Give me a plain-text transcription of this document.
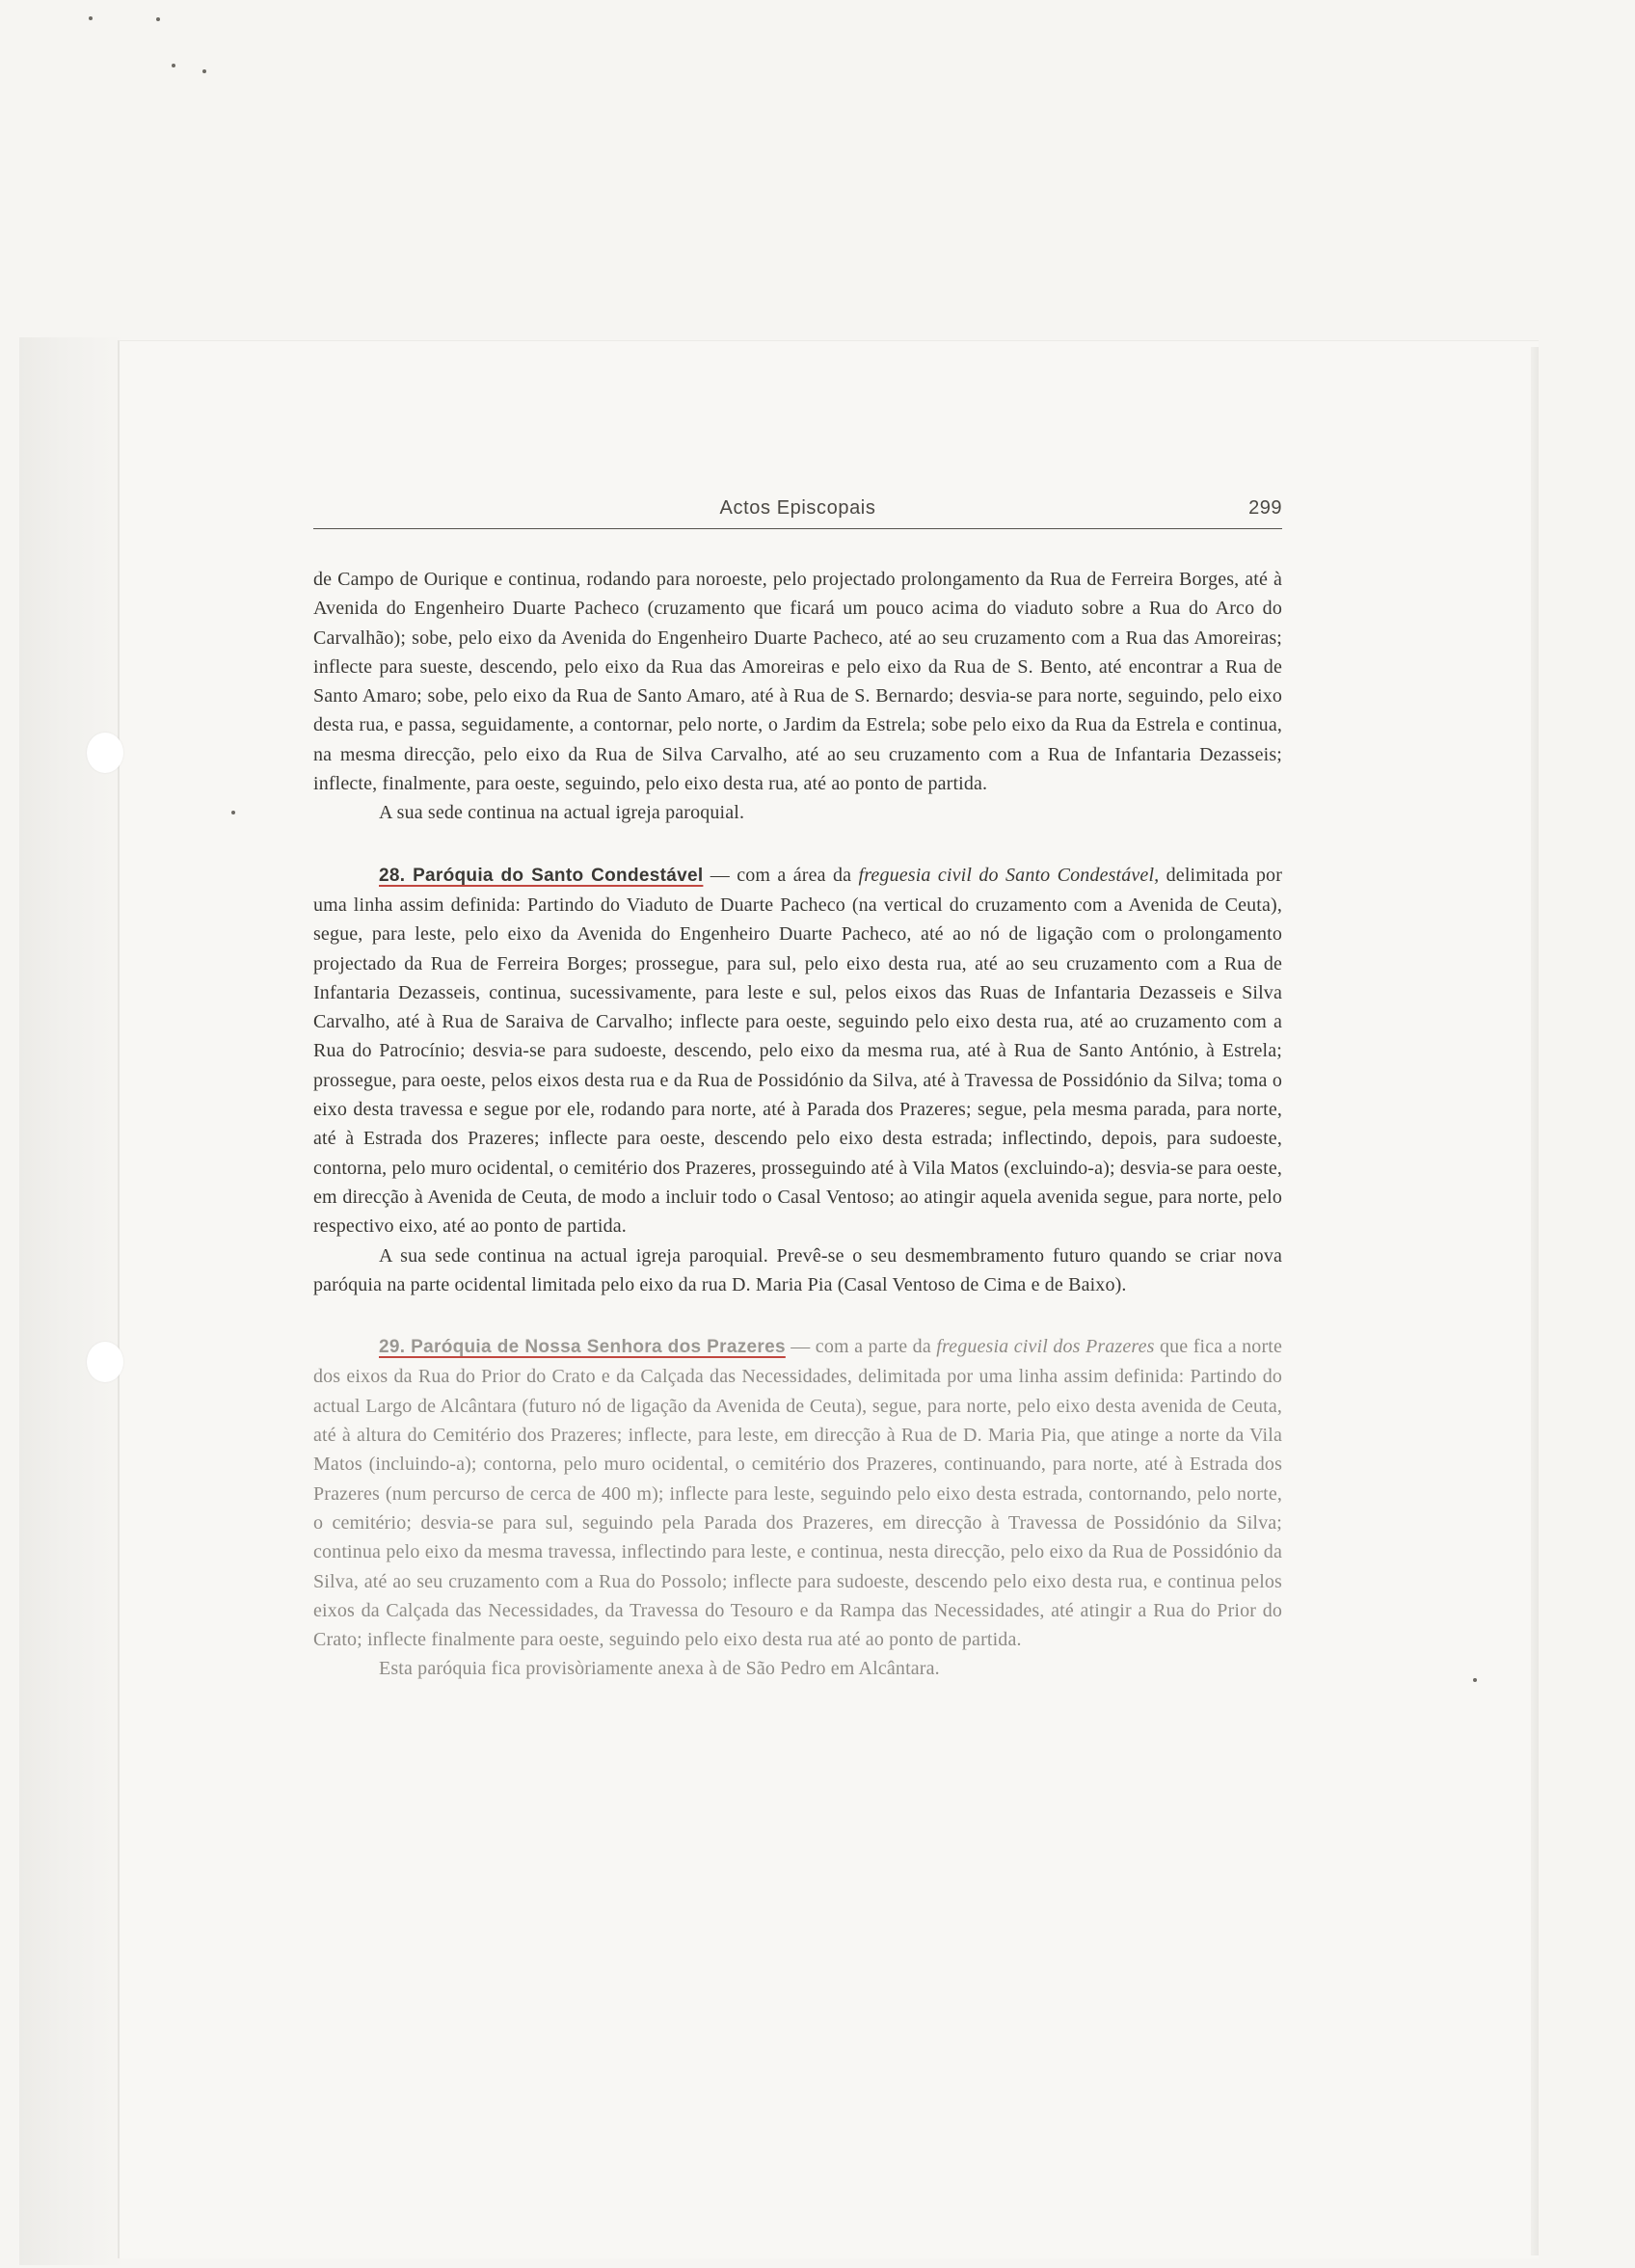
Actos Episcopais	299

de Campo de Ourique e continua, rodando para noroeste, pelo projectado prolongamento da Rua de Ferreira Borges, até à Avenida do Engenheiro Duarte Pacheco (cruzamento que ficará um pouco acima do viaduto sobre a Rua do Arco do Carvalhão); sobe, pelo eixo da Avenida do Engenheiro Duarte Pacheco, até ao seu cruzamento com a Rua das Amoreiras; inflecte para sueste, descendo, pelo eixo da Rua das Amoreiras e pelo eixo da Rua de S. Bento, até encontrar a Rua de Santo Amaro; sobe, pelo eixo da Rua de Santo Amaro, até à Rua de S. Bernardo; desvia-se para norte, seguindo, pelo eixo desta rua, e passa, seguidamente, a contornar, pelo norte, o Jardim da Estrela; sobe pelo eixo da Rua da Estrela e continua, na mesma direcção, pelo eixo da Rua de Silva Carvalho, até ao seu cruzamento com a Rua de Infantaria Dezasseis; inflecte, finalmente, para oeste, seguindo, pelo eixo desta rua, até ao ponto de partida.

A sua sede continua na actual igreja paroquial.

28. Paróquia do Santo Condestável — com a área da freguesia civil do Santo Condestável, delimitada por uma linha assim definida: Partindo do Viaduto de Duarte Pacheco (na vertical do cruzamento com a Avenida de Ceuta), segue, para leste, pelo eixo da Avenida do Engenheiro Duarte Pacheco, até ao nó de ligação com o prolongamento projectado da Rua de Ferreira Borges; prossegue, para sul, pelo eixo desta rua, até ao seu cruzamento com a Rua de Infantaria Dezasseis, continua, sucessivamente, para leste e sul, pelos eixos das Ruas de Infantaria Dezasseis e Silva Carvalho, até à Rua de Saraiva de Carvalho; inflecte para oeste, seguindo pelo eixo desta rua, até ao cruzamento com a Rua do Patrocínio; desvia-se para sudoeste, descendo, pelo eixo da mesma rua, até à Rua de Santo António, à Estrela; prossegue, para oeste, pelos eixos desta rua e da Rua de Possidónio da Silva, até à Travessa de Possidónio da Silva; toma o eixo desta travessa e segue por ele, rodando para norte, até à Parada dos Prazeres; segue, pela mesma parada, para norte, até à Estrada dos Prazeres; inflecte para oeste, descendo pelo eixo desta estrada; inflectindo, depois, para sudoeste, contorna, pelo muro ocidental, o cemitério dos Prazeres, prosseguindo até à Vila Matos (excluindo-a); desvia-se para oeste, em direcção à Avenida de Ceuta, de modo a incluir todo o Casal Ventoso; ao atingir aquela avenida segue, para norte, pelo respectivo eixo, até ao ponto de partida.

A sua sede continua na actual igreja paroquial. Prevê-se o seu desmembramento futuro quando se criar nova paróquia na parte ocidental limitada pelo eixo da rua D. Maria Pia (Casal Ventoso de Cima e de Baixo).

29. Paróquia de Nossa Senhora dos Prazeres — com a parte da freguesia civil dos Prazeres que fica a norte dos eixos da Rua do Prior do Crato e da Calçada das Necessidades, delimitada por uma linha assim definida: Partindo do actual Largo de Alcântara (futuro nó de ligação da Avenida de Ceuta), segue, para norte, pelo eixo desta avenida de Ceuta, até à altura do Cemitério dos Prazeres; inflecte, para leste, em direcção à Rua de D. Maria Pia, que atinge a norte da Vila Matos (incluindo-a); contorna, pelo muro ocidental, o cemitério dos Prazeres, continuando, para norte, até à Estrada dos Prazeres (num percurso de cerca de 400 m); inflecte para leste, seguindo pelo eixo desta estrada, contornando, pelo norte, o cemitério; desvia-se para sul, seguindo pela Parada dos Prazeres, em direcção à Travessa de Possidónio da Silva; continua pelo eixo da mesma travessa, inflectindo para leste, e continua, nesta direcção, pelo eixo da Rua de Possidónio da Silva, até ao seu cruzamento com a Rua do Possolo; inflecte para sudoeste, descendo pelo eixo desta rua, e continua pelos eixos da Calçada das Necessidades, da Travessa do Tesouro e da Rampa das Necessidades, até atingir a Rua do Prior do Crato; inflecte finalmente para oeste, seguindo pelo eixo desta rua até ao ponto de partida.

Esta paróquia fica provisòriamente anexa à de São Pedro em Alcântara.
